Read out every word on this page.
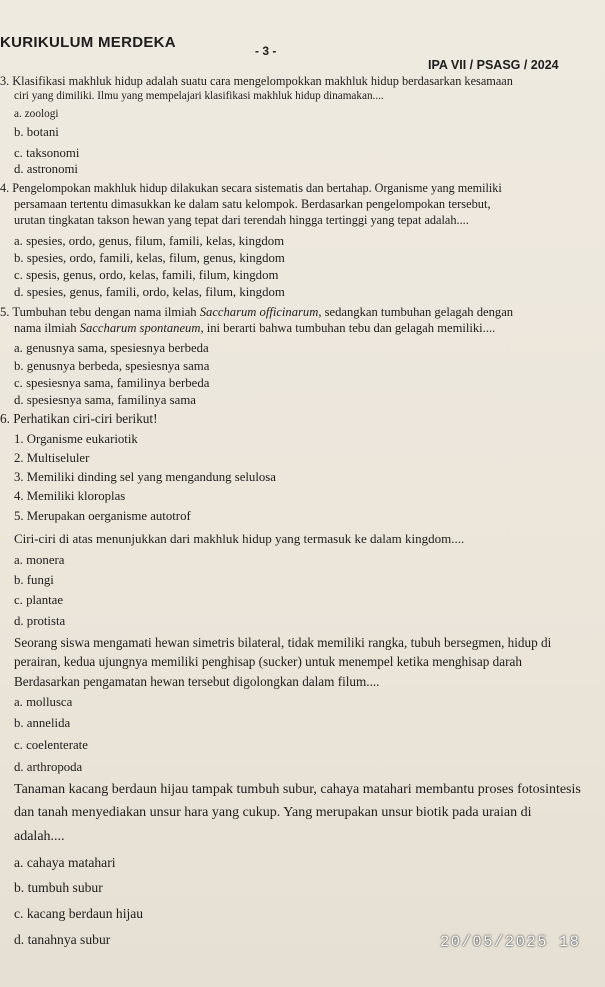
KURIKULUM MERDEKA	- 3 -
IPA VII / PSASG / 2024

3. Klasifikasi makhluk hidup adalah suatu cara mengelompokkan makhluk hidup berdasarkan kesamaan

ciri yang dimiliki. Ilmu yang mempelajari klasifikasi makhluk hidup dinamakan....

a. zoologi
b. botani
c. taksonomi
d. astronomi

4. Pengelompokan makhluk hidup dilakukan secara sistematis dan bertahap. Organisme yang memiliki

persamaan tertentu dimasukkan ke dalam satu kelompok. Berdasarkan pengelompokan tersebut,

urutan tingkatan takson hewan yang tepat dari terendah hingga tertinggi yang tepat adalah....

a. spesies, ordo, genus, filum, famili, kelas, kingdom
b. spesies, ordo, famili, kelas, filum, genus, kingdom
c. spesis, genus, ordo, kelas, famili, filum, kingdom
d. spesies, genus, famili, ordo, kelas, filum, kingdom

5. Tumbuhan tebu dengan nama ilmiah Saccharum officinarum, sedangkan tumbuhan gelagah dengan

nama ilmiah Saccharum spontaneum, ini berarti bahwa tumbuhan tebu dan gelagah memiliki....

a. genusnya sama, spesiesnya berbeda
b. genusnya berbeda, spesiesnya sama
c. spesiesnya sama, familinya berbeda
d. spesiesnya sama, familinya sama
6. Perhatikan ciri-ciri berikut!
1. Organisme eukariotik
2. Multiseluler
3. Memiliki dinding sel yang mengandung selulosa
4. Memiliki kloroplas
5. Merupakan oerganisme autotrof
Ciri-ciri di atas menunjukkan dari makhluk hidup yang termasuk ke dalam kingdom....
a. monera
b. fungi
c. plantae
d. protista

Seorang siswa mengamati hewan simetris bilateral, tidak memiliki rangka, tubuh bersegmen, hidup di

perairan, kedua ujungnya memiliki penghisap (sucker) untuk menempel ketika menghisap darah

Berdasarkan pengamatan hewan tersebut digolongkan dalam filum....

a. mollusca
b. annelida
c. coelenterate
d. arthropoda

Tanaman kacang berdaun hijau tampak tumbuh subur, cahaya matahari membantu proses fotosintesis

dan tanah menyediakan unsur hara yang cukup. Yang merupakan unsur biotik pada uraian di

adalah....

a. cahaya matahari
b. tumbuh subur
c. kacang berdaun hijau
d. tanahnya subur	20/05/2025 18
